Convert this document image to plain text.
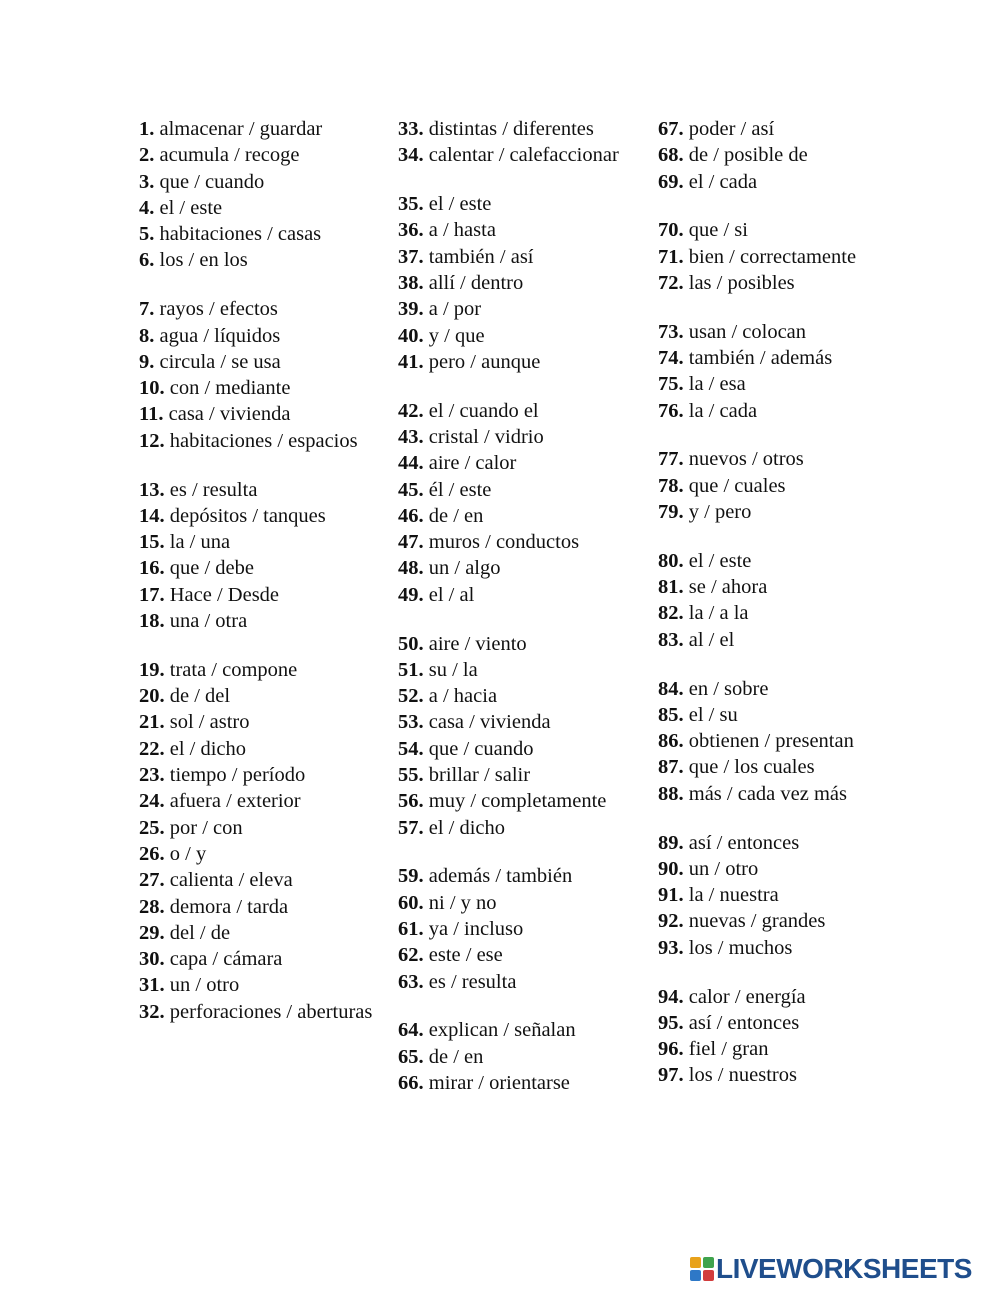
1. almacenar / guardar
2. acumula / recoge
3. que / cuando
4. el / este
5. habitaciones / casas
6. los / en los
7. rayos / efectos
8. agua / líquidos
9. circula / se usa
10. con / mediante
11. casa / vivienda
12. habitaciones / espacios
13. es / resulta
14. depósitos / tanques
15. la / una
16. que / debe
17. Hace / Desde
18. una / otra
19. trata / compone
20. de / del
21. sol / astro
22. el / dicho
23. tiempo / período
24. afuera / exterior
25. por / con
26. o / y
27. calienta / eleva
28. demora / tarda
29. del / de
30. capa / cámara
31. un / otro
32. perforaciones / aberturas
33. distintas / diferentes
34. calentar / calefaccionar
35. el / este
36. a / hasta
37. también / así
38. allí / dentro
39. a / por
40. y / que
41. pero / aunque
42. el / cuando el
43. cristal / vidrio
44. aire / calor
45. él / este
46. de / en
47. muros / conductos
48. un / algo
49. el / al
50. aire / viento
51. su / la
52. a / hacia
53. casa / vivienda
54. que / cuando
55. brillar / salir
56. muy / completamente
57. el / dicho
59. además / también
60. ni / y no
61. ya / incluso
62. este / ese
63. es / resulta
64. explican / señalan
65. de / en
66. mirar / orientarse
67. poder / así
68. de / posible de
69. el / cada
70. que / si
71. bien / correctamente
72. las / posibles
73. usan / colocan
74. también / además
75. la / esa
76. la / cada
77. nuevos / otros
78. que / cuales
79. y / pero
80. el / este
81. se / ahora
82. la / a la
83. al / el
84. en / sobre
85. el / su
86. obtienen / presentan
87. que / los cuales
88. más / cada vez más
89. así / entonces
90. un / otro
91. la / nuestra
92. nuevas / grandes
93. los / muchos
94. calor / energía
95. así / entonces
96. fiel / gran
97. los / nuestros
LIVEWORKSHEETS
